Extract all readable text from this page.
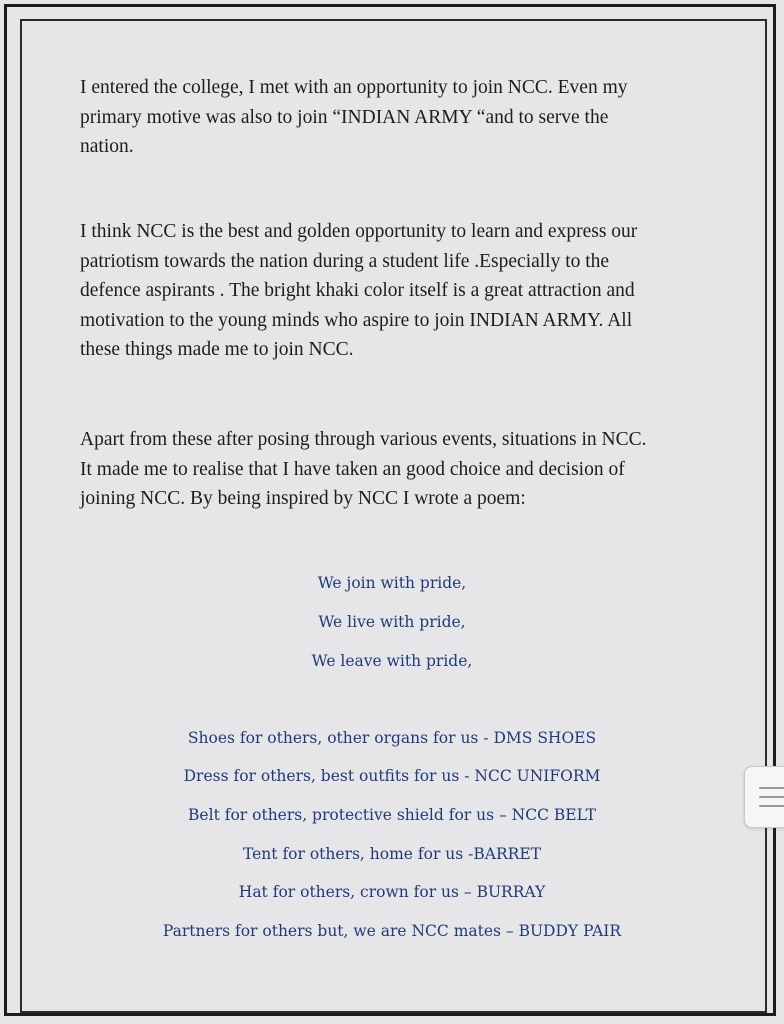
I entered the college, I met with an opportunity to join NCC. Even my
primary motive was also to join “INDIAN ARMY “and to serve the
nation.

I think NCC is the best and golden opportunity to learn and express our
patriotism towards the nation during a student life .Especially to the
defence aspirants . The bright khaki color itself is a great attraction and
motivation to the young minds who aspire to join INDIAN ARMY. All
these things made me to join NCC.

Apart from these after posing through various events, situations in NCC.
It made me to realise that I have taken an good choice and decision of
joining NCC. By being inspired by NCC I wrote a poem:

We join with pride,

We live with pride,

We leave with pride,

Shoes for others, other organs for us - DMS SHOES

Dress for others, best outfits for us - NCC UNIFORM

Belt for others, protective shield for us – NCC BELT

Tent for others, home for us -BARRET

Hat for others, crown for us – BURRAY

Partners for others but, we are NCC mates – BUDDY PAIR
